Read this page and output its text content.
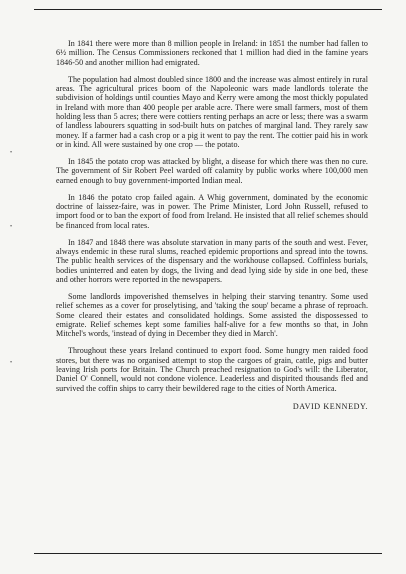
•
•
•

In 1841 there were more than 8 million people in Ireland: in 1851 the number had fallen to 6½ million. The Census Commissioners reckoned that 1 million had died in the famine years 1846-50 and another million had emigrated.

The population had almost doubled since 1800 and the increase was almost entirely in rural areas. The agricultural prices boom of the Napoleonic wars made landlords tolerate the subdivision of holdings until counties Mayo and Kerry were among the most thickly populated in Ireland with more than 400 people per arable acre. There were small farmers, most of them holding less than 5 acres; there were cottiers renting perhaps an acre or less; there was a swarm of landless labourers squatting in sod-built huts on patches of marginal land. They rarely saw money. If a farmer had a cash crop or a pig it went to pay the rent. The cottier paid his in work or in kind. All were sustained by one crop — the potato.

In 1845 the potato crop was attacked by blight, a disease for which there was then no cure. The government of Sir Robert Peel warded off calamity by public works where 100,000 men earned enough to buy government-imported Indian meal.

In 1846 the potato crop failed again. A Whig government, dominated by the economic doctrine of laissez-faire, was in power. The Prime Minister, Lord John Russell, refused to import food or to ban the export of food from Ireland. He insisted that all relief schemes should be financed from local rates.

In 1847 and 1848 there was absolute starvation in many parts of the south and west. Fever, always endemic in these rural slums, reached epidemic proportions and spread into the towns. The public health services of the dispensary and the workhouse collapsed. Coffinless burials, bodies uninterred and eaten by dogs, the living and dead lying side by side in one bed, these and other horrors were reported in the newspapers.

Some landlords impoverished themselves in helping their starving tenantry. Some used relief schemes as a cover for proselytising, and 'taking the soup' became a phrase of reproach. Some cleared their estates and consolidated holdings. Some assisted the dispossessed to emigrate. Relief schemes kept some families half-alive for a few months so that, in John Mitchel's words, 'instead of dying in December they died in March'.

Throughout these years Ireland continued to export food. Some hungry men raided food stores, but there was no organised attempt to stop the cargoes of grain, cattle, pigs and butter leaving Irish ports for Britain. The Church preached resignation to God's will: the Liberator, Daniel O' Connell, would not condone violence. Leaderless and dispirited thousands fled and survived the coffin ships to carry their bewildered rage to the cities of North America.

DAVID KENNEDY.
